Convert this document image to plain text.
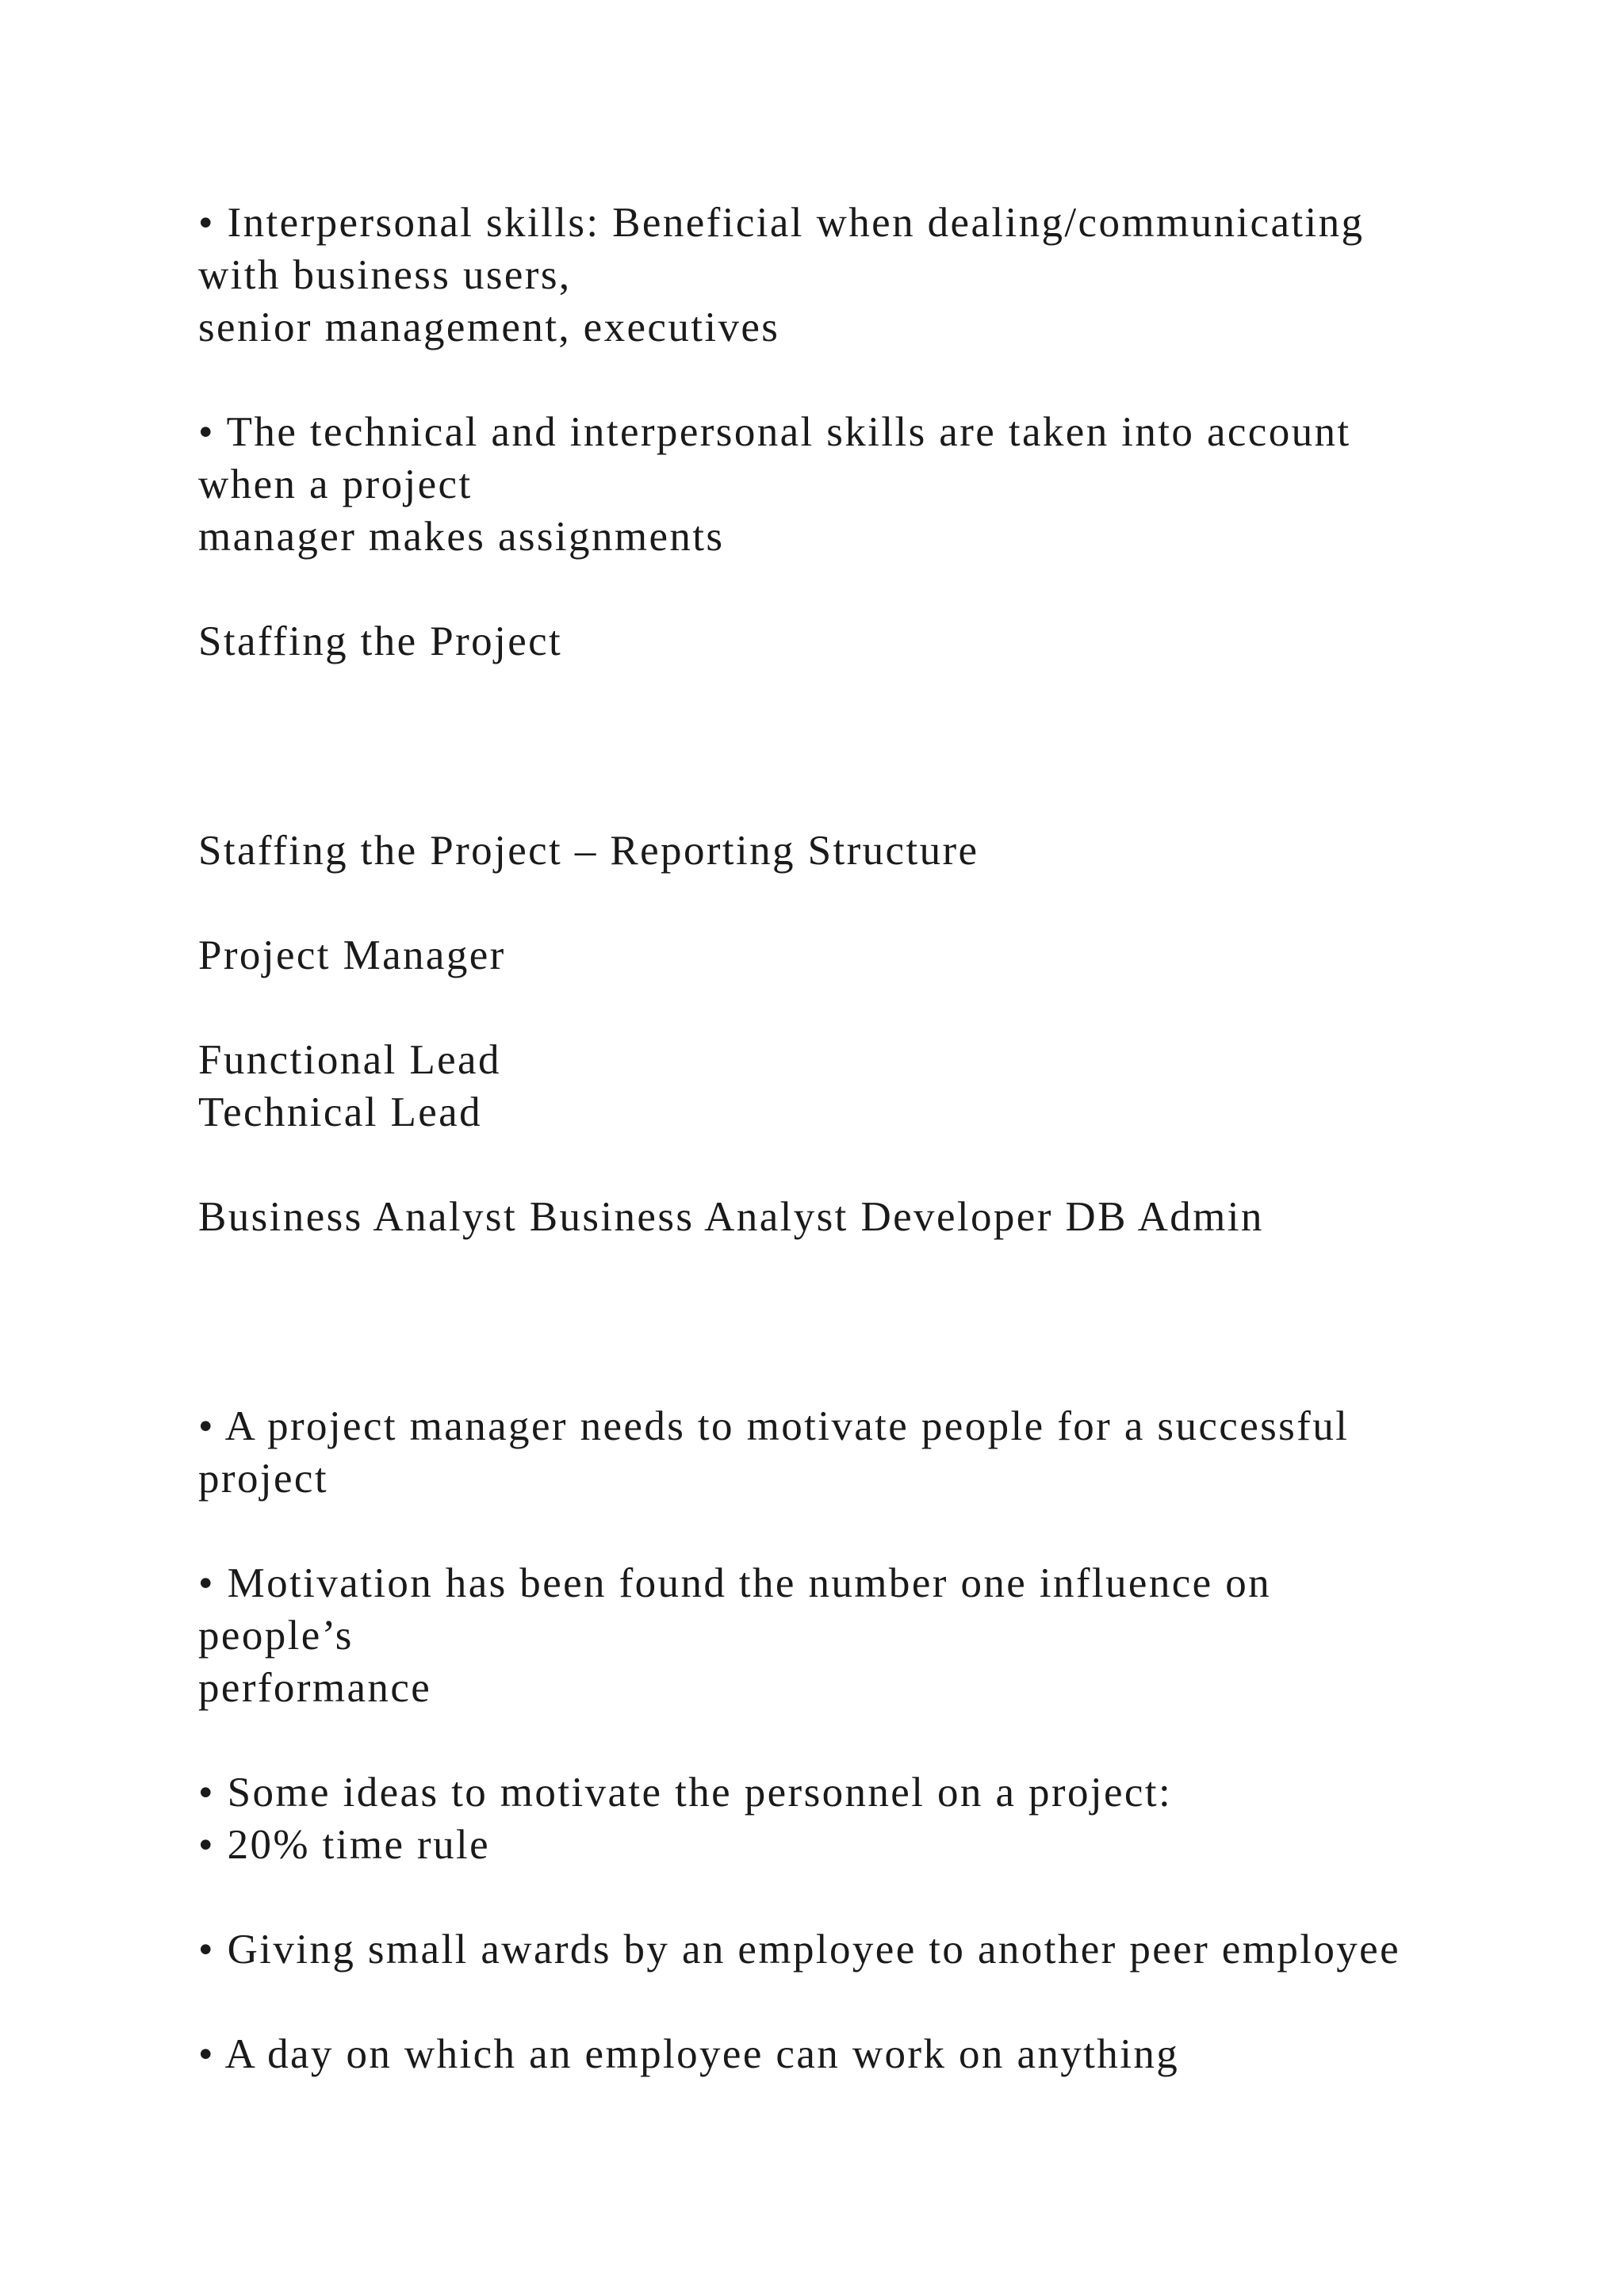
• Interpersonal skills: Beneficial when dealing/communicating
with business users,
senior management, executives
• The technical and interpersonal skills are taken into account
when a project
manager makes assignments
Staffing the Project
Staffing the Project – Reporting Structure
Project Manager
Functional Lead
Technical Lead
Business Analyst Business Analyst Developer DB Admin
• A project manager needs to motivate people for a successful
project
• Motivation has been found the number one influence on
people’s
performance
• Some ideas to motivate the personnel on a project:
• 20% time rule
• Giving small awards by an employee to another peer employee
• A day on which an employee can work on anything
